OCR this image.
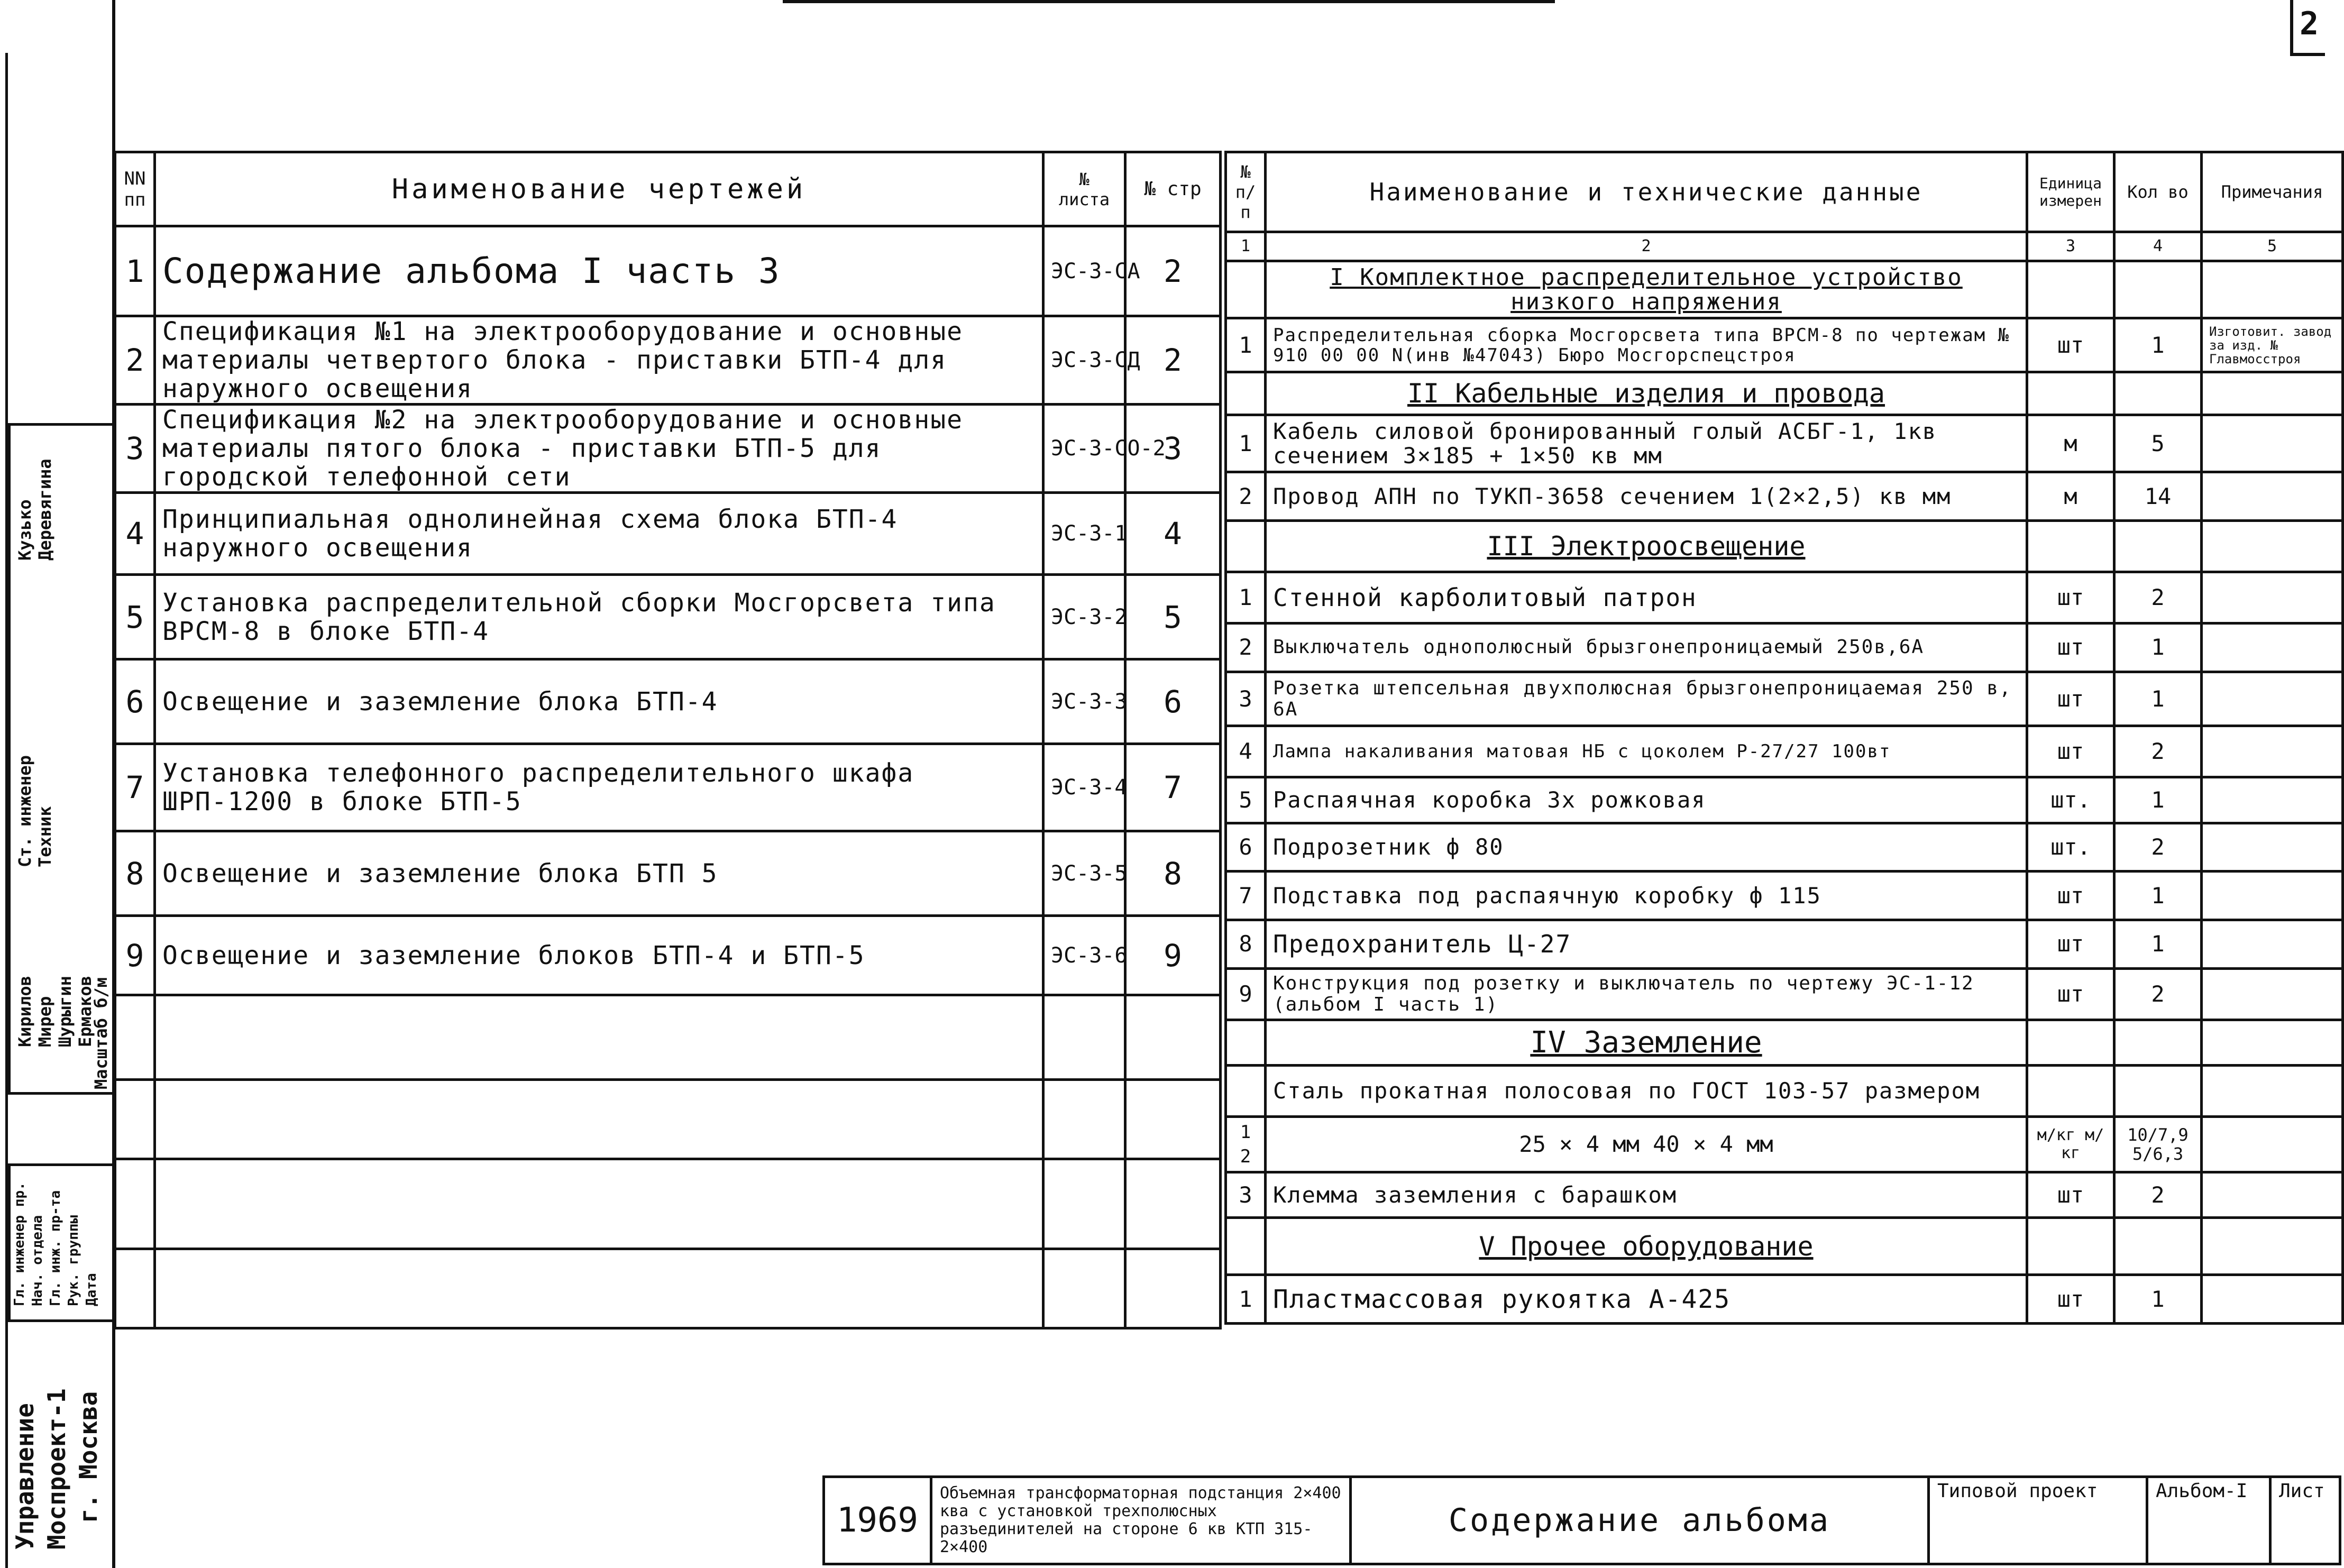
2
NN пп	Наименование чертежей	№ листа	№ стр
1	Содержание альбома I часть 3	ЭС-3-СА	2
2	Спецификация №1 на электрооборудование и основные материалы четвертого блока - приставки БТП-4 для наружного освещения	ЭС-3-СД	2
3	Спецификация №2 на электрооборудование и основные материалы пятого блока - приставки БТП-5 для городской телефонной сети	ЭС-3-СО-2	3
4	Принципиальная однолинейная схема блока БТП-4 наружного освещения	ЭС-3-1	4
5	Установка распределительной сборки Мосгорсвета типа ВРСМ-8 в блоке БТП-4	ЭС-3-2	5
6	Освещение и заземление блока БТП-4	ЭС-3-3	6
7	Установка телефонного распределительного шкафа ШРП-1200 в блоке БТП-5	ЭС-3-4	7
8	Освещение и заземление блока БТП 5	ЭС-3-5	8
9	Освещение и заземление блоков БТП-4 и БТП-5	ЭС-3-6	9

№ п/п	Наименование и технические данные	Единица измерен	Кол во	Примечания
1	2	3	4	5
	I Комплектное распределительное устройство низкого напряжения			
1	Распределительная сборка Мосгорсвета типа ВРСМ-8 по чертежам № 910 00 00 N(инв №47043) Бюро Мосгорспецстроя	шт	1	Изготовит. завод за изд. № Главмосстроя
	II Кабельные изделия и провода			
1	Кабель силовой бронированный голый АСБГ-1, 1кв сечением 3×185 + 1×50 кв мм	м	5	
2	Провод АПН по ТУКП-3658 сечением 1(2×2,5) кв мм	м	14	
	III Электроосвещение			
1	Стенной карболитовый патрон	шт	2	
2	Выключатель однополюсный брызгонепроницаемый 250в,6А	шт	1	
3	Розетка штепсельная двухполюсная брызгонепроницаемая 250 в, 6А	шт	1	
4	Лампа накаливания матовая НБ с цоколем Р-27/27 100вт	шт	2	
5	Распаячная коробка 3х рожковая	шт.	1	
6	Подрозетник ф 80	шт.	2	
7	Подставка под распаячную коробку ф 115	шт	1	
8	Предохранитель Ц-27	шт	1	
9	Конструкция под розетку и выключатель по чертежу ЭС-1-12 (альбом I часть 1)	шт	2	
	IV Заземление			
	Сталь прокатная полосовая по ГОСТ 103-57 размером			
1 2	25 × 4 мм 40 × 4 мм	м/кг м/кг	10/7,9 5/6,3	
3	Клемма заземления с барашком	шт	2	
	V Прочее оборудование			
1	Пластмассовая рукоятка А-425	шт	1	
Ст. инженер Техник
Кузько Деревягина
Кирилов Мирер Шурыгин Ермаков
Масштаб б/м
Гл. инженер пр. Нач. отдела Гл. инж. пр-та Рук. группы Дата
Управление Моспроект-1 г. Москва	1969	Объемная трансформаторная подстанция 2×400 ква с установкой трехполюсных разъединителей на стороне 6 кв КТП 315-2×400	Содержание альбома	Типовой проект	Альбом-I	Лист
